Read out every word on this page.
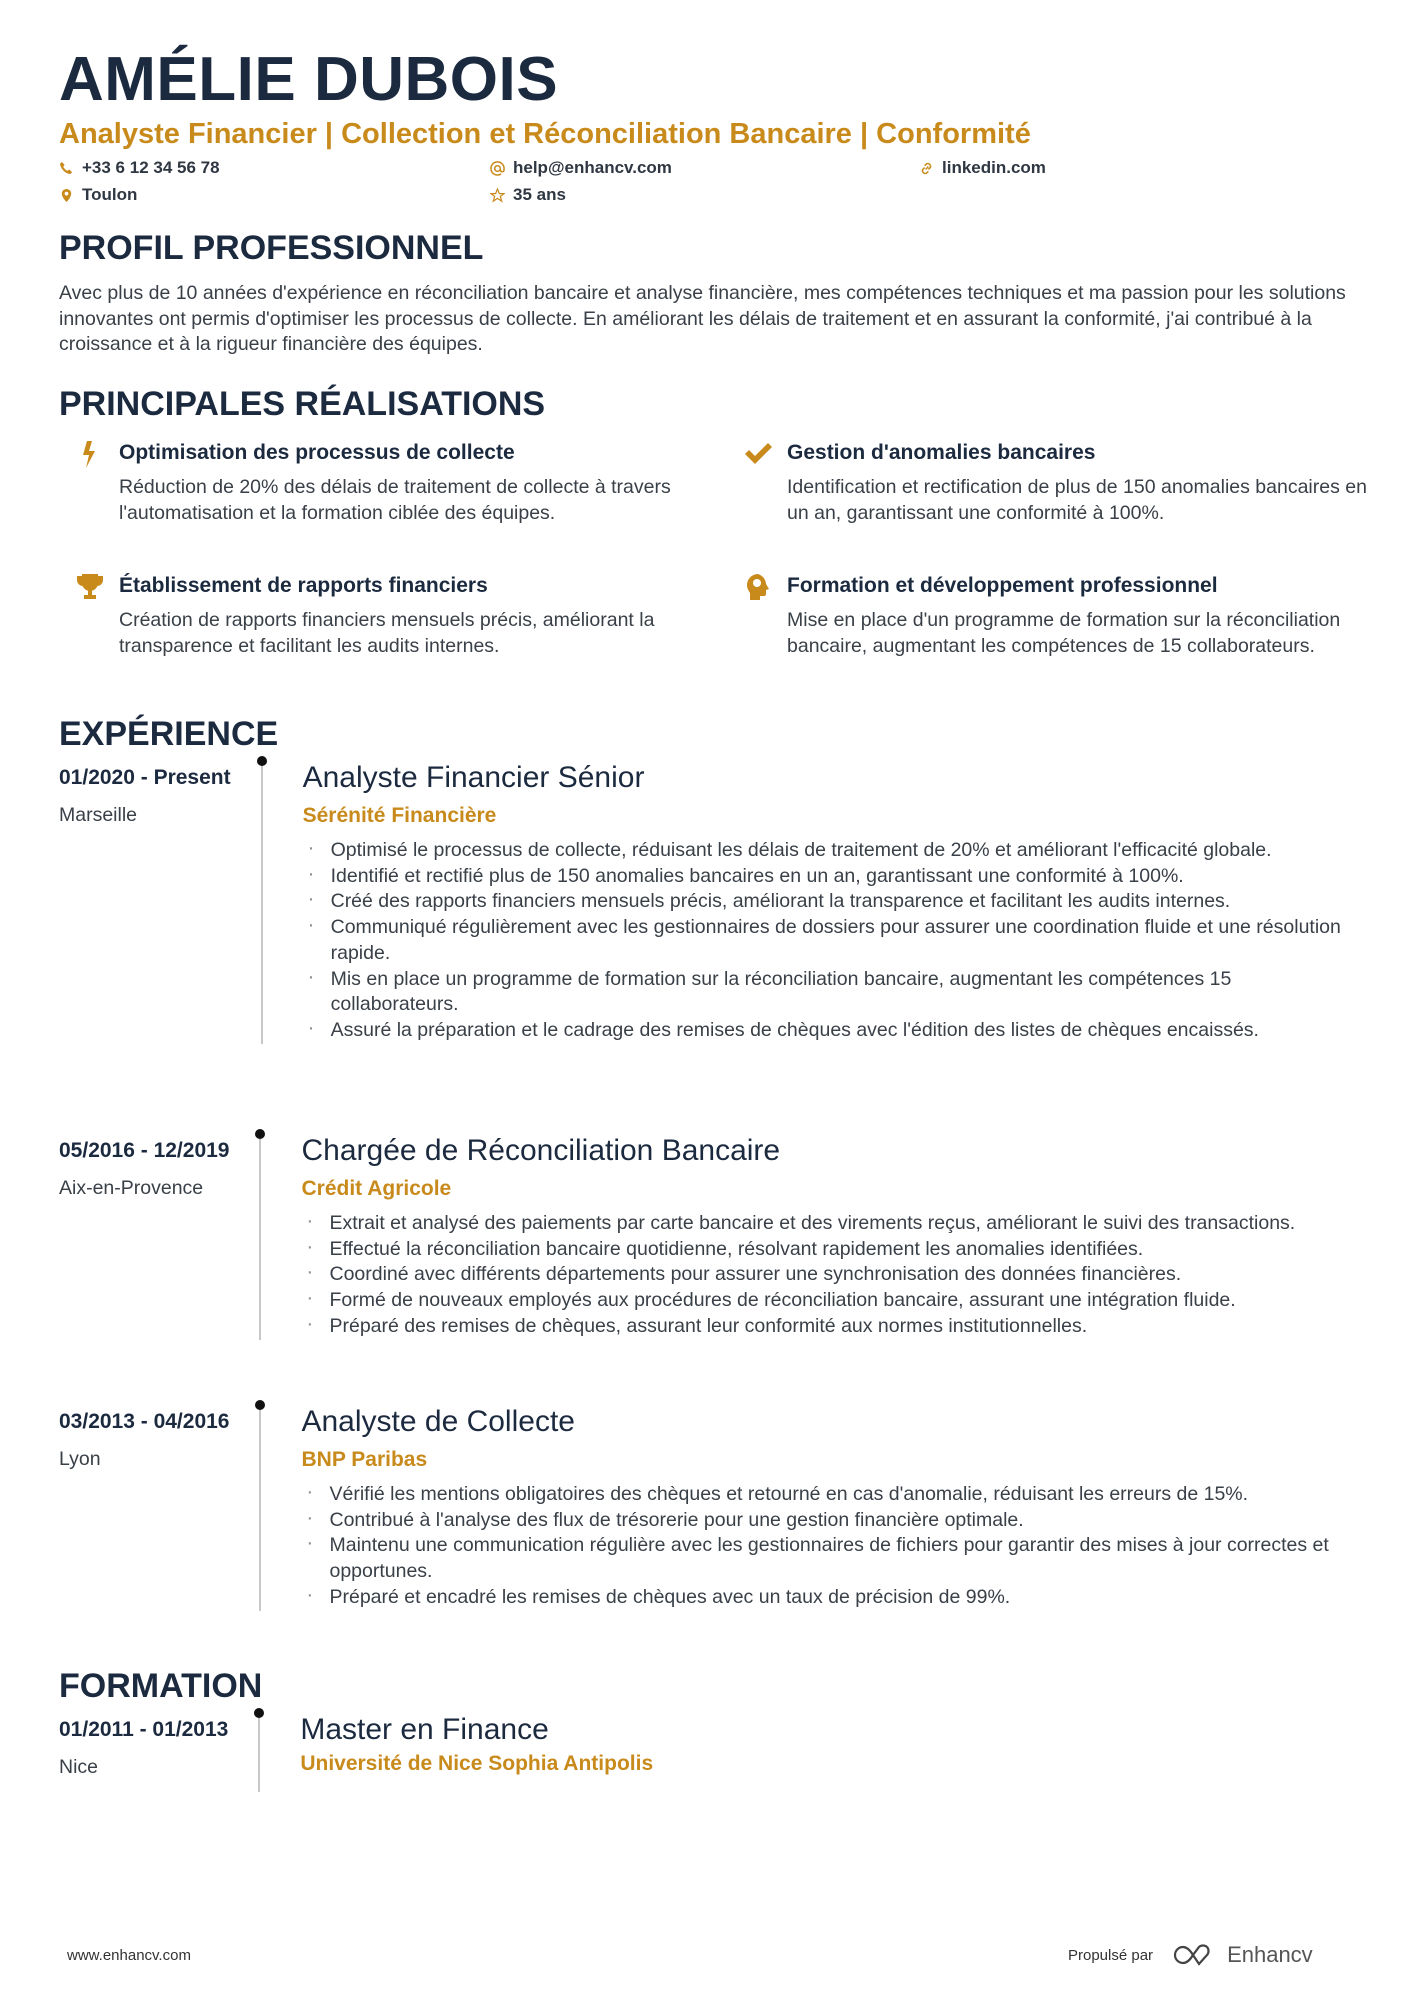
AMÉLIE DUBOIS
Analyste Financier | Collection et Réconciliation Bancaire | Conformité
+33 6 12 34 56 78	help@enhancv.com	linkedin.com
Toulon	35 ans
PROFIL PROFESSIONNEL

Avec plus de 10 années d'expérience en réconciliation bancaire et analyse financière, mes compétences techniques et ma passion pour les solutions innovantes ont permis d'optimiser les processus de collecte. En améliorant les délais de traitement et en assurant la conformité, j'ai contribué à la croissance et à la rigueur financière des équipes.

PRINCIPALES RÉALISATIONS
Optimisation des processus de collecte
Réduction de 20% des délais de traitement de collecte à travers l'automatisation et la formation ciblée des équipes.
Gestion d'anomalies bancaires
Identification et rectification de plus de 150 anomalies bancaires en un an, garantissant une conformité à 100%.
Établissement de rapports financiers
Création de rapports financiers mensuels précis, améliorant la transparence et facilitant les audits internes.
Formation et développement professionnel
Mise en place d'un programme de formation sur la réconciliation bancaire, augmentant les compétences de 15 collaborateurs.
EXPÉRIENCE
01/2020 - Present
Marseille
Analyste Financier Sénior
Sérénité Financière
· Optimisé le processus de collecte, réduisant les délais de traitement de 20% et améliorant l'efficacité globale.
· Identifié et rectifié plus de 150 anomalies bancaires en un an, garantissant une conformité à 100%.
· Créé des rapports financiers mensuels précis, améliorant la transparence et facilitant les audits internes.
· Communiqué régulièrement avec les gestionnaires de dossiers pour assurer une coordination fluide et une résolution rapide.
· Mis en place un programme de formation sur la réconciliation bancaire, augmentant les compétences 15 collaborateurs.
· Assuré la préparation et le cadrage des remises de chèques avec l'édition des listes de chèques encaissés.
05/2016 - 12/2019
Aix-en-Provence
Chargée de Réconciliation Bancaire
Crédit Agricole
· Extrait et analysé des paiements par carte bancaire et des virements reçus, améliorant le suivi des transactions.
· Effectué la réconciliation bancaire quotidienne, résolvant rapidement les anomalies identifiées.
· Coordiné avec différents départements pour assurer une synchronisation des données financières.
· Formé de nouveaux employés aux procédures de réconciliation bancaire, assurant une intégration fluide.
· Préparé des remises de chèques, assurant leur conformité aux normes institutionnelles.
03/2013 - 04/2016
Lyon
Analyste de Collecte
BNP Paribas
· Vérifié les mentions obligatoires des chèques et retourné en cas d'anomalie, réduisant les erreurs de 15%.
· Contribué à l'analyse des flux de trésorerie pour une gestion financière optimale.
· Maintenu une communication régulière avec les gestionnaires de fichiers pour garantir des mises à jour correctes et opportunes.
· Préparé et encadré les remises de chèques avec un taux de précision de 99%.
FORMATION
01/2011 - 01/2013
Nice
Master en Finance
Université de Nice Sophia Antipolis
www.enhancv.com	Propulsé par	Enhancv
